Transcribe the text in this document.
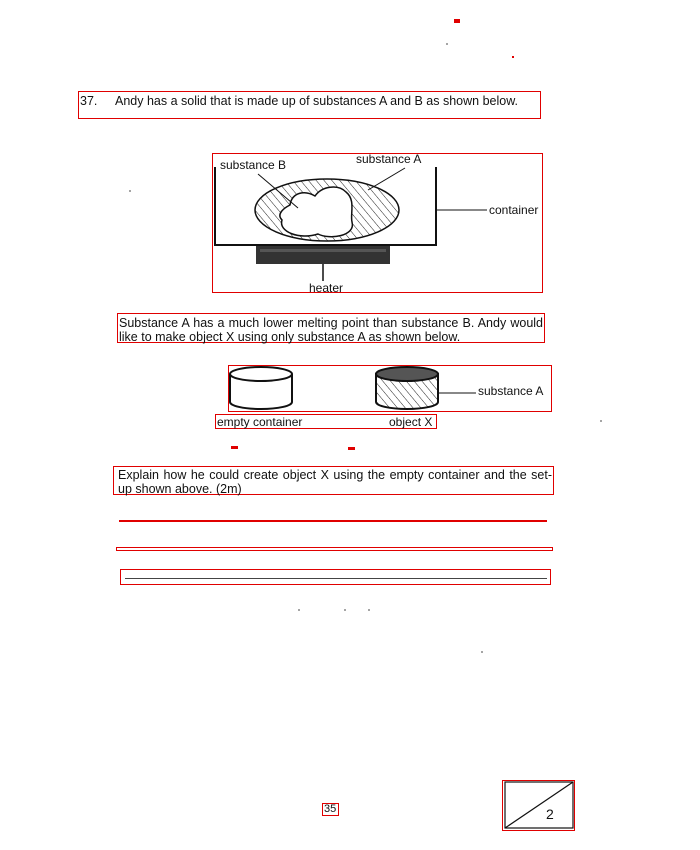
37. Andy has a solid that is made up of substances A and B as shown below.
substance B	substance A
container
heater
Substance A has a much lower melting point than substance B. Andy would like to make object X using only substance A as shown below.
substance A
empty container	object X
Explain how he could create object X using the empty container and the set-up shown above. (2m)
35	2
